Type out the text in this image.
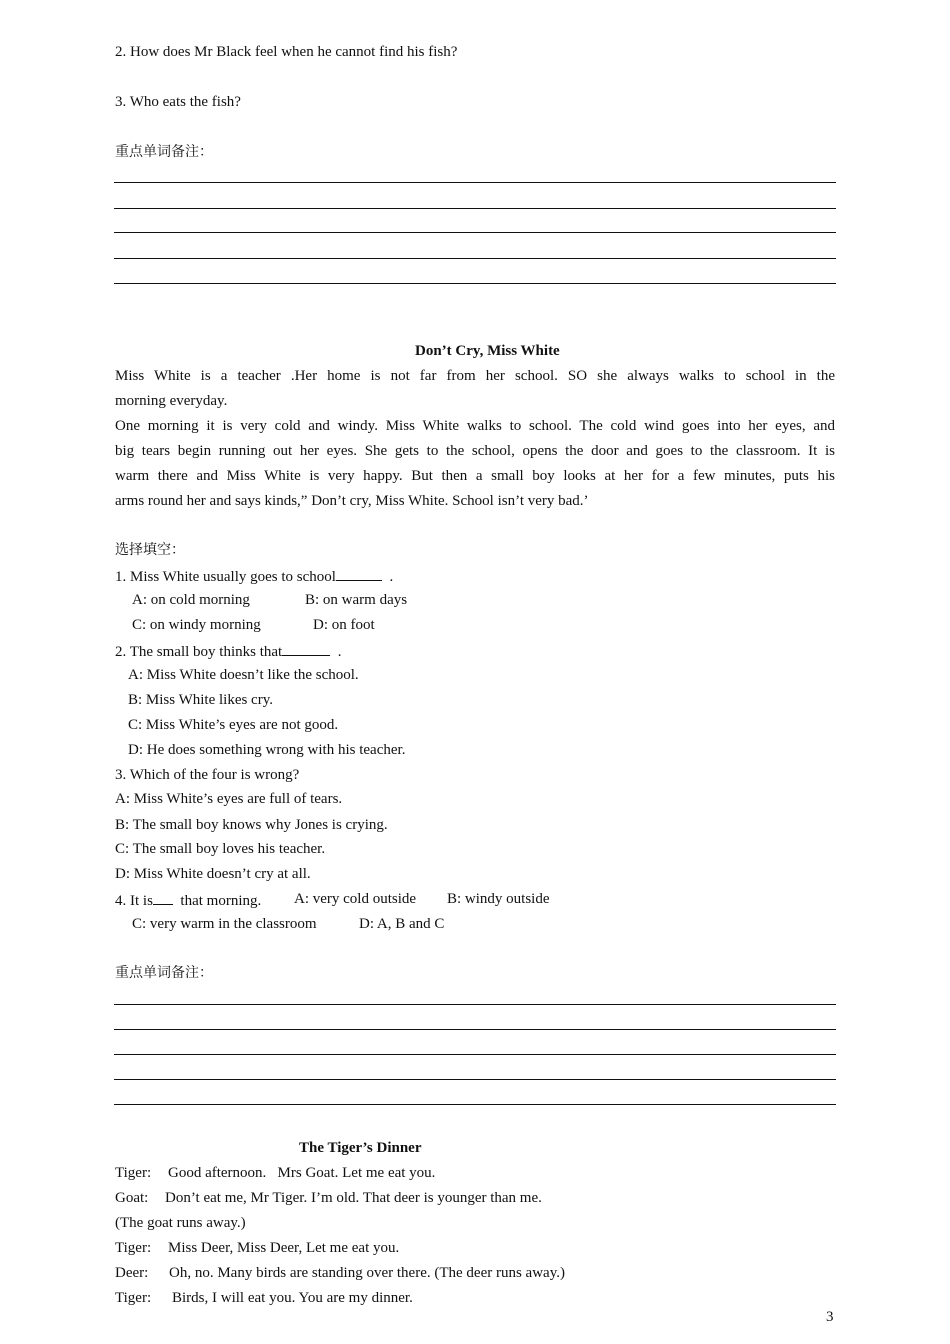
2. How does Mr Black feel when he cannot find his fish?
3. Who eats the fish?
重点单词备注：
Don’t Cry, Miss White
Miss White is a teacher .Her home is not far from her school. SO she always walks to school in the
morning everyday.
One morning it is very cold and windy. Miss White walks to school. The cold wind goes into her eyes, and
big tears begin running out her eyes. She gets to the school, opens the door and goes to the classroom. It is
warm there and Miss White is very happy. But then a small boy looks at her for a few minutes, puts his
arms round her and says kinds,” Don’t cry, Miss White. School isn’t very bad.’
选择填空：
1. Miss White usually goes to school	.
A: on cold morning	B: on warm days
C: on windy morning	D: on foot
2. The small boy thinks that	.
A: Miss White doesn’t like the school.
B: Miss White likes cry.
C: Miss White’s eyes are not good.
D: He does something wrong with his teacher.
3. Which of the four is wrong?
A: Miss White’s eyes are full of tears.
B: The small boy knows why Jones is crying.
C: The small boy loves his teacher.
D: Miss White doesn’t cry at all.
4. It is that morning. A: very cold outside B: windy outside
C: very warm in the classroom	D: A, B and C
重点单词备注：
The Tiger’s Dinner
Tiger: Good afternoon.   Mrs Goat. Let me eat you.
Goat: Don’t eat me, Mr Tiger. I’m old. That deer is younger than me.
(The goat runs away.)
Tiger: Miss Deer, Miss Deer, Let me eat you.
Deer: Oh, no. Many birds are standing over there. (The deer runs away.)
Tiger: Birds, I will eat you. You are my dinner.
3
